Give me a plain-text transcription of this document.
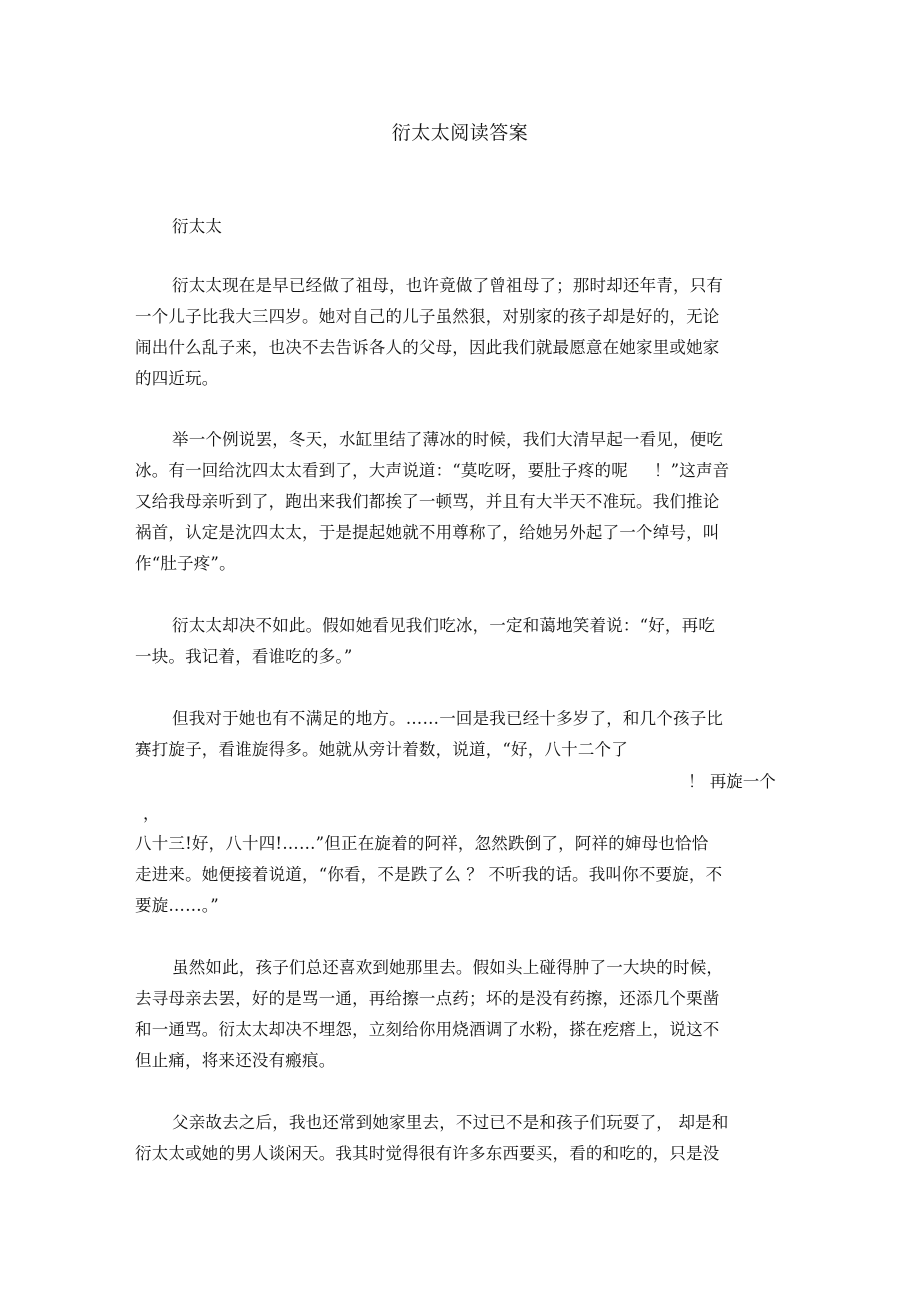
衍太太阅读答案
衍太太
衍太太现在是早已经做了祖母，也许竟做了曾祖母了；那时却还年青，只有
一个儿子比我大三四岁。她对自己的儿子虽然狠，对别家的孩子却是好的，无论
闹出什么乱子来，也决不去告诉各人的父母，因此我们就最愿意在她家里或她家
的四近玩。
举一个例说罢，冬天，水缸里结了薄冰的时候，我们大清早起一看见，便吃
冰。有一回给沈四太太看到了，大声说道：“莫吃呀，要肚子疼的呢 ！”这声音
又给我母亲听到了，跑出来我们都挨了一顿骂，并且有大半天不准玩。我们推论
祸首，认定是沈四太太，于是提起她就不用尊称了，给她另外起了一个绰号，叫
作“肚子疼”。
衍太太却决不如此。假如她看见我们吃冰，一定和蔼地笑着说：“好，再吃
一块。我记着，看谁吃的多。”
但我对于她也有不满足的地方。……一回是我已经十多岁了，和几个孩子比
赛打旋子，看谁旋得多。她就从旁计着数，说道，“好，八十二个了
！ 再旋一个
，
八十三!好，八十四!……”但正在旋着的阿祥，忽然跌倒了，阿祥的婶母也恰恰
走进来。她便接着说道，“你看，不是跌了么 ？ 不听我的话。我叫你不要旋，不
要旋……。”
虽然如此，孩子们总还喜欢到她那里去。假如头上碰得肿了一大块的时候，
去寻母亲去罢，好的是骂一通，再给擦一点药；坏的是没有药擦，还添几个栗凿
和一通骂。衍太太却决不埋怨，立刻给你用烧酒调了水粉，搽在疙瘩上，说这不
但止痛，将来还没有瘢痕。
父亲故去之后，我也还常到她家里去，不过已不是和孩子们玩耍了， 却是和
衍太太或她的男人谈闲天。我其时觉得很有许多东西要买，看的和吃的，只是没
